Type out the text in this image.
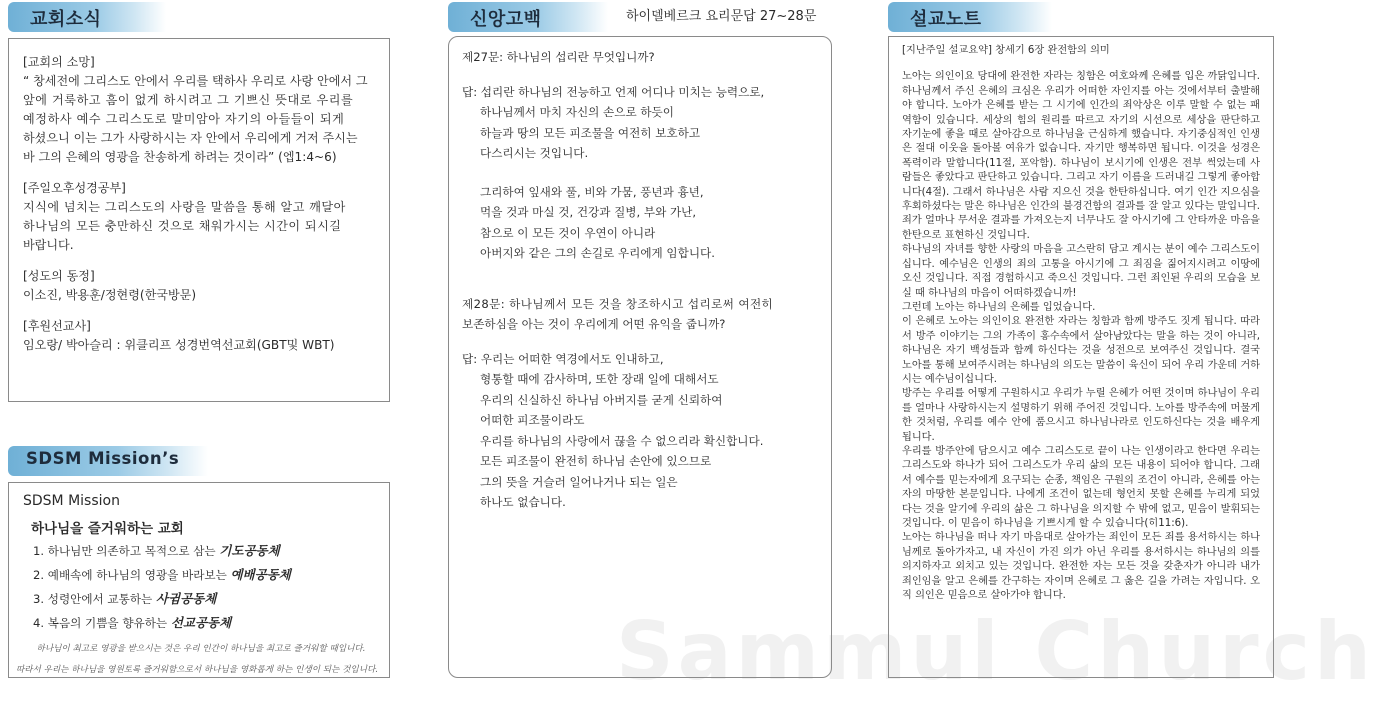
교회소식
[교회의 소망]
“ 창세전에 그리스도 안에서 우리를 택하사 우리로 사랑 안에서 그
앞에 거룩하고 흠이 없게 하시려고 그 기쁘신 뜻대로 우리를
예정하사 예수 그리스도로 말미암아 자기의 아들들이 되게
하셨으니 이는 그가 사랑하시는 자 안에서 우리에게 거저 주시는
바 그의 은혜의 영광을 찬송하게 하려는 것이라” (엡1:4~6)
[주일오후성경공부]
지식에 넘치는 그리스도의 사랑을 말씀을 통해 알고 깨달아
하나님의 모든 충만하신 것으로 채워가시는 시간이 되시길
바랍니다.
[성도의 동정]
이소진, 박용훈/정현령(한국방문)
[후원선교사]
임오랑/ 박아슬리 : 위클리프 성경번역선교회(GBT및 WBT)
SDSM Mission’s
SDSM Mission
하나님을 즐거워하는 교회
1. 하나님만 의존하고 목적으로 삼는 기도공동체
2. 예배속에 하나님의 영광을 바라보는 예배공동체
3. 성령안에서 교통하는 사귐공동체
4. 복음의 기쁨을 향유하는 선교공동체
하나님이 최고로 영광을 받으시는 것은 우리 인간이 하나님을 최고로 즐거워할 때입니다.
따라서 우리는 하나님을 영원토록 즐거워함으로서 하나님을 영화롭게 하는 인생이 되는 것입니다.
신앙고백	하이델베르크 요리문답 27~28문
제27문: 하나님의 섭리란 무엇입니까?
답: 섭리란 하나님의 전능하고 언제 어디나 미치는 능력으로,
하나님께서 마치 자신의 손으로 하듯이
하늘과 땅의 모든 피조물을 여전히 보호하고
다스리시는 것입니다.
그리하여 잎새와 풀, 비와 가뭄, 풍년과 흉년,
먹을 것과 마실 것, 건강과 질병, 부와 가난,
참으로 이 모든 것이 우연이 아니라
아버지와 같은 그의 손길로 우리에게 임합니다.
제28문: 하나님께서 모든 것을 창조하시고 섭리로써 여전히
보존하심을 아는 것이 우리에게 어떤 유익을 줍니까?
답: 우리는 어떠한 역경에서도 인내하고,
형통할 때에 감사하며, 또한 장래 일에 대해서도
우리의 신실하신 하나님 아버지를 굳게 신뢰하여
어떠한 피조물이라도
우리를 하나님의 사랑에서 끊을 수 없으리라 확신합니다.
모든 피조물이 완전히 하나님 손안에 있으므로
그의 뜻을 거슬러 일어나거나 되는 일은
하나도 없습니다.
설교노트
[지난주일 설교요약] 창세기 6장 완전함의 의미
노아는 의인이요 당대에 완전한 자라는 칭함은 여호와께 은혜를 입은 까닭입니다. 하나님께서 주신 은혜의 크심은 우리가 어떠한 자인지를 아는 것에서부터 출발해야 합니다. 노아가 은혜를 받는 그 시기에 인간의 죄악상은 이루 말할 수 없는 패역함이 있습니다. 세상의 힘의 원리를 따르고 자기의 시선으로 세상을 판단하고 자기눈에 좋을 때로 살아감으로 하나님을 근심하게 했습니다. 자기중심적인 인생은 절대 이웃을 돌아볼 여유가 없습니다. 자기만 행복하면 됩니다. 이것을 성경은 폭력이라 말합니다(11절, 포악함). 하나님이 보시기에 인생은 전부 썩었는데 사람들은 좋았다고 판단하고 있습니다. 그리고 자기 이름을 드러내길 그렇게 좋아합니다(4절). 그래서 하나님은 사람 지으신 것을 한탄하십니다. 여기 인간 지으심을 후회하셨다는 말은 하나님은 인간의 불경건함의 결과를 잘 알고 있다는 말입니다. 죄가 얼마나 무서운 결과를 가져오는지 너무나도 잘 아시기에 그 안타까운 마음을 한탄으로 표현하신 것입니다.
하나님의 자녀를 향한 사랑의 마음을 고스란히 담고 계시는 분이 예수 그리스도이십니다. 예수님은 인생의 죄의 고통을 아시기에 그 죄짐을 짊어지시려고 이땅에 오신 것입니다. 직접 경험하시고 죽으신 것입니다. 그런 죄인된 우리의 모습을 보실 때 하나님의 마음이 어떠하겠습니까!
그런데 노아는 하나님의 은혜를 입었습니다.
이 은혜로 노아는 의인이요 완전한 자라는 칭함과 함께 방주도 짓게 됩니다. 따라서 방주 이야기는 그의 가족이 홍수속에서 살아남았다는 말을 하는 것이 아니라, 하나님은 자기 백성들과 함께 하신다는 것을 성전으로 보여주신 것입니다. 결국 노아를 통해 보여주시려는 하나님의 의도는 말씀이 육신이 되어 우리 가운데 거하시는 예수님이십니다.
방주는 우리를 어떻게 구원하시고 우리가 누릴 은혜가 어떤 것이며 하나님이 우리를 얼마나 사랑하시는지 설명하기 위해 주어진 것입니다. 노아를 방주속에 머물게 한 것처럼, 우리를 예수 안에 품으시고 하나님나라로 인도하신다는 것을 배우게 됩니다.
우리를 방주안에 담으시고 예수 그리스도로 끝이 나는 인생이라고 한다면 우리는 그리스도와 하나가 되어 그리스도가 우리 삶의 모든 내용이 되어야 합니다. 그래서 예수를 믿는자에게 요구되는 순종, 책임은 구원의 조건이 아니라, 은혜를 아는 자의 마땅한 본문입니다. 나에게 조건이 없는데 형언치 못할 은혜를 누리게 되었다는 것을 알기에 우리의 삶은 그 하나님을 의지할 수 밖에 없고, 믿음이 발휘되는 것입니다. 이 믿음이 하나님을 기쁘시게 할 수 있습니다(히11:6).
노아는 하나님을 떠나 자기 마음대로 살아가는 죄인이 모든 죄를 용서하시는 하나님께로 돌아가자고, 내 자신이 가진 의가 아닌 우리를 용서하시는 하나님의 의를 의지하자고 외치고 있는 것입니다. 완전한 자는 모든 것을 갖춘자가 아니라 내가 죄인임을 알고 은혜를 간구하는 자이며 은혜로 그 옳은 길을 가려는 자입니다. 오직 의인은 믿음으로 살아가야 합니다.
Sammul Church
